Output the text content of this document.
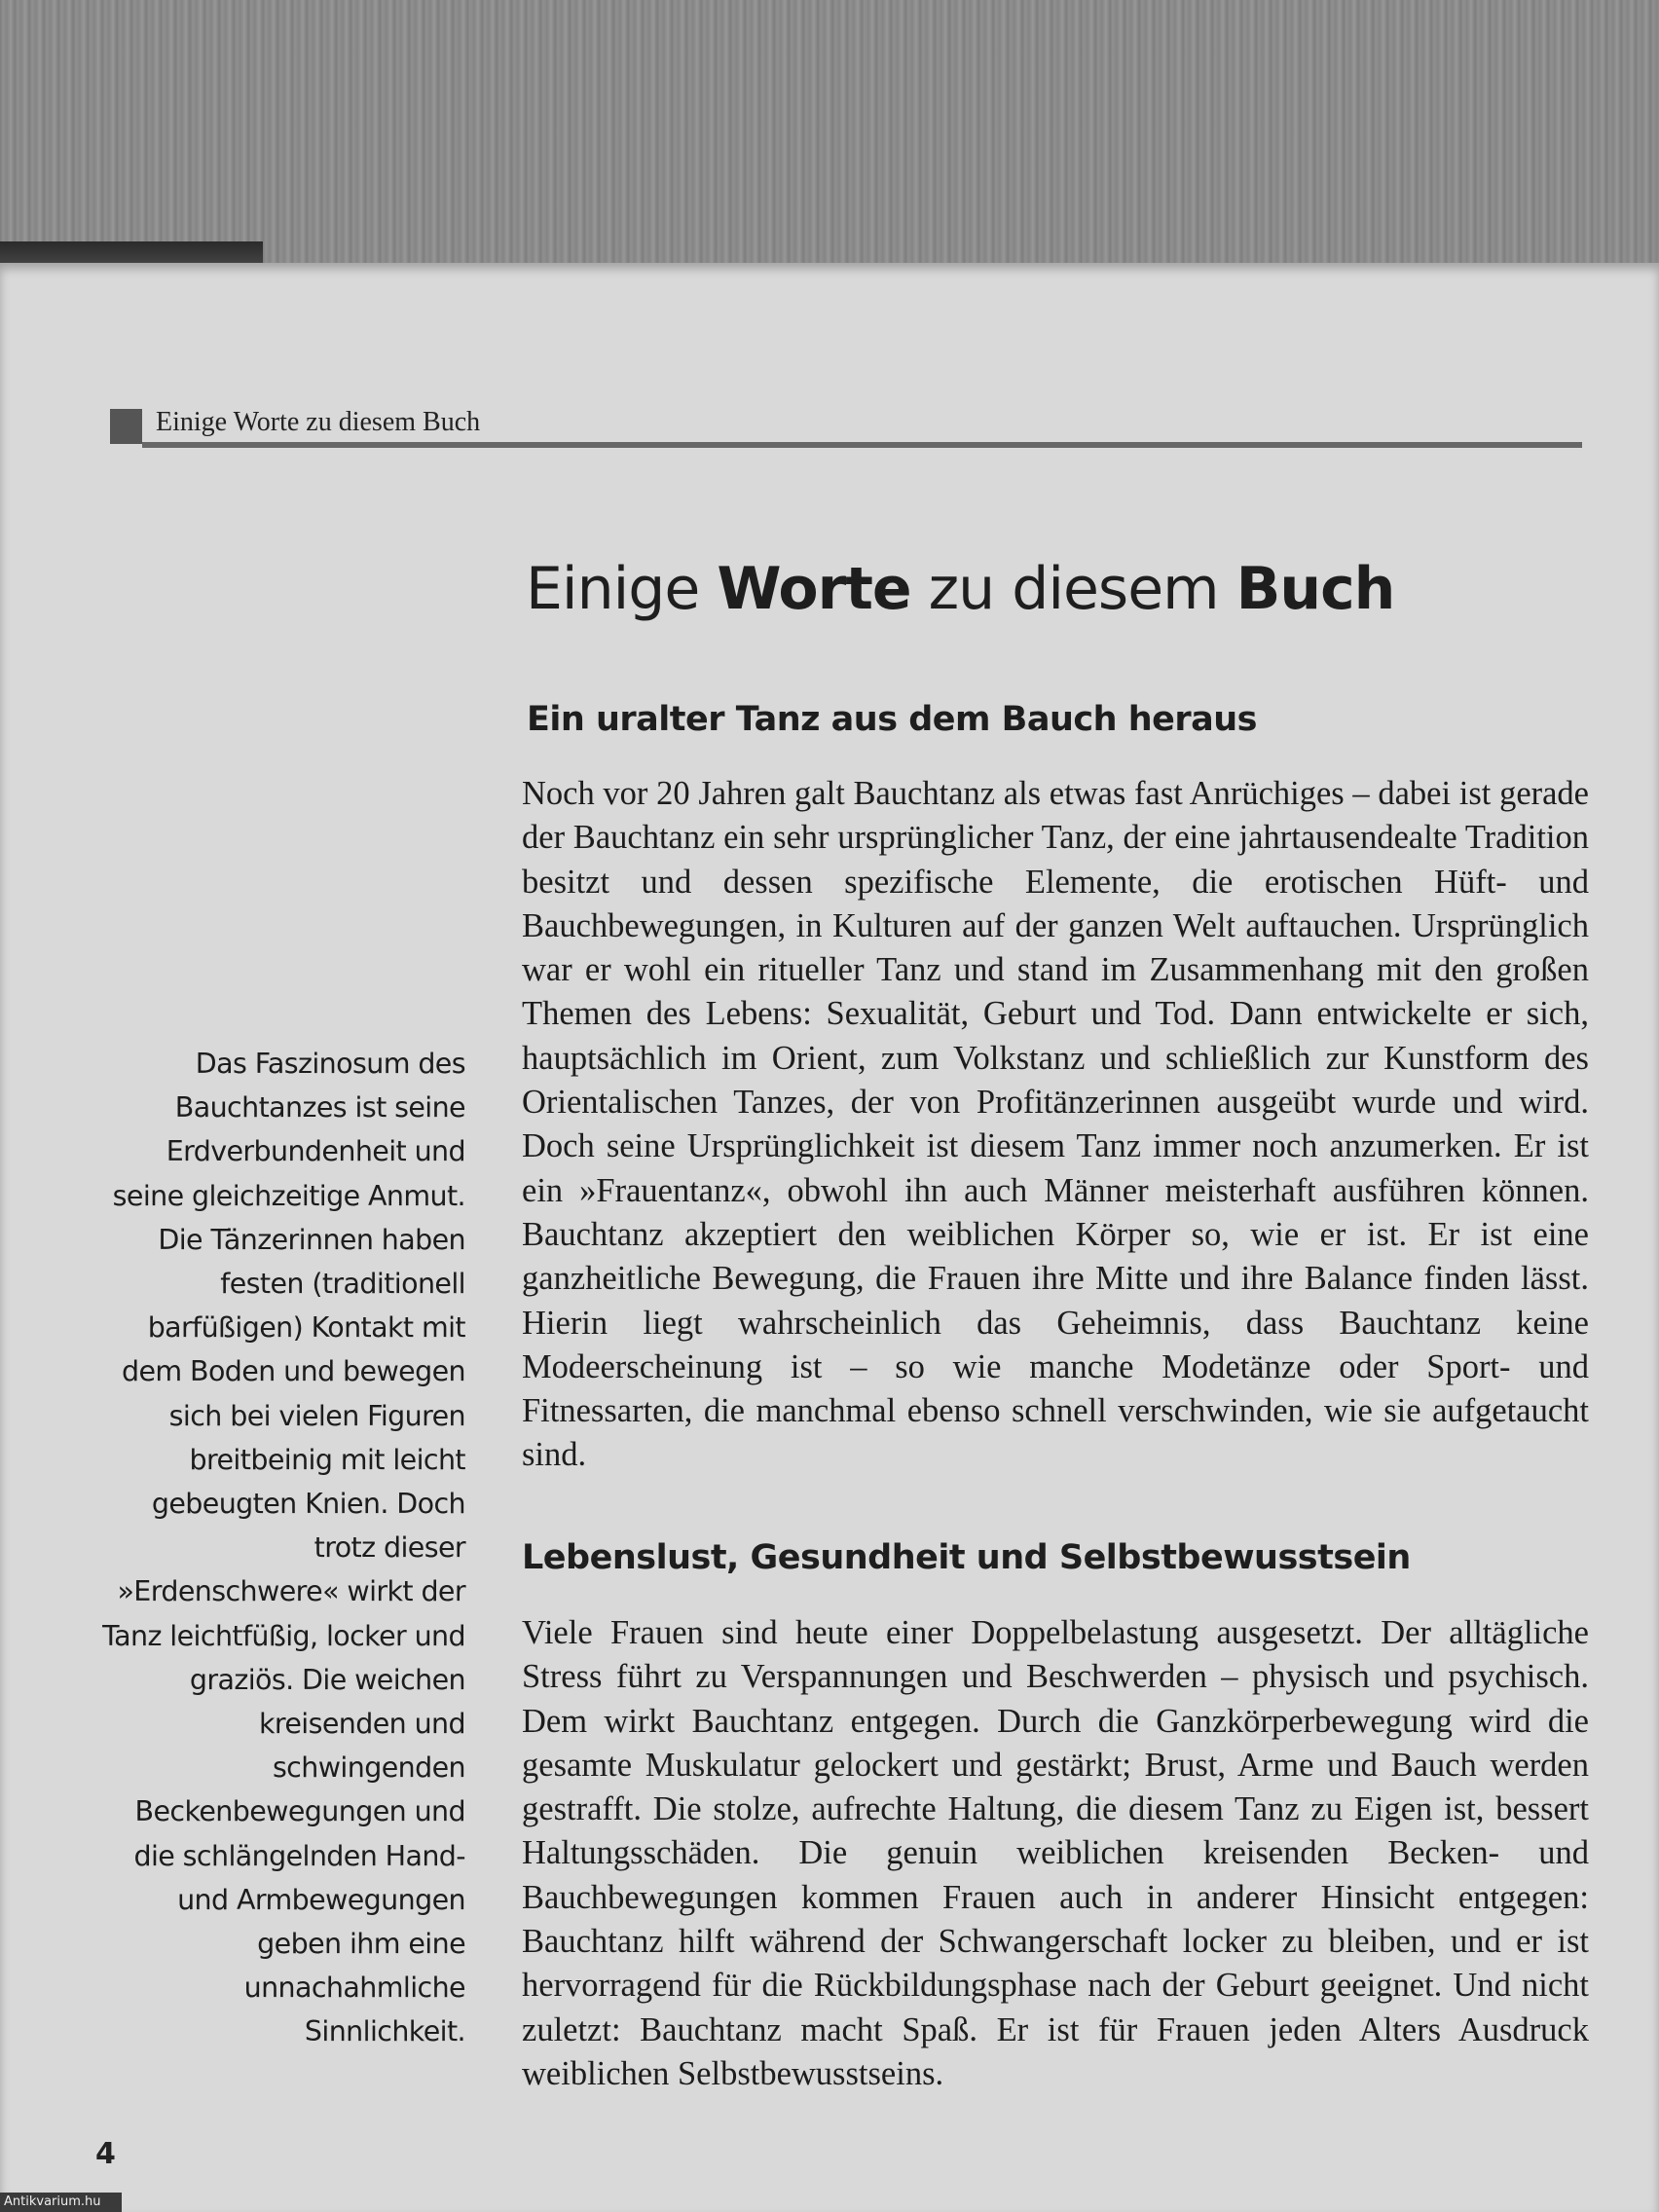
Einige Worte zu diesem Buch
Einige Worte zu diesem Buch
Ein uralter Tanz aus dem Bauch heraus

Noch vor 20 Jahren galt Bauchtanz als etwas fast Anrüchiges – dabei ist gerade der Bauchtanz ein sehr ursprünglicher Tanz, der eine jahrtausendealte Tradition besitzt und dessen spezifische Elemente, die erotischen Hüft- und Bauchbewegungen, in Kulturen auf der ganzen Welt auftauchen. Ursprünglich war er wohl ein ritueller Tanz und stand im Zusammenhang mit den großen Themen des Lebens: Sexualität, Geburt und Tod. Dann entwickelte er sich, hauptsächlich im Orient, zum Volkstanz und schließlich zur Kunstform des Orientalischen Tanzes, der von Profitänzerinnen ausgeübt wurde und wird. Doch seine Ursprünglichkeit ist diesem Tanz immer noch anzumerken. Er ist ein »Frauentanz«, obwohl ihn auch Männer meisterhaft ausführen können. Bauchtanz akzeptiert den weiblichen Körper so, wie er ist. Er ist eine ganzheitliche Bewegung, die Frauen ihre Mitte und ihre Balance finden lässt. Hierin liegt wahrscheinlich das Geheimnis, dass Bauchtanz keine Modeerscheinung ist – so wie manche Modetänze oder Sport- und Fitnessarten, die manchmal ebenso schnell verschwinden, wie sie aufgetaucht sind.

Lebenslust, Gesundheit und Selbstbewusstsein

Viele Frauen sind heute einer Doppelbelastung ausgesetzt. Der alltägliche Stress führt zu Verspannungen und Beschwerden – physisch und psychisch. Dem wirkt Bauchtanz entgegen. Durch die Ganzkörperbewegung wird die gesamte Muskulatur gelockert und gestärkt; Brust, Arme und Bauch werden gestrafft. Die stolze, aufrechte Haltung, die diesem Tanz zu Eigen ist, bessert Haltungsschäden. Die genuin weiblichen kreisenden Becken- und Bauchbewegungen kommen Frauen auch in anderer Hinsicht entgegen: Bauchtanz hilft während der Schwangerschaft locker zu bleiben, und er ist hervorragend für die Rückbildungsphase nach der Geburt geeignet. Und nicht zuletzt: Bauchtanz macht Spaß. Er ist für Frauen jeden Alters Ausdruck weiblichen Selbstbewusstseins.

Das Faszinosum des Bauchtanzes ist seine Erdverbundenheit und seine gleichzeitige Anmut. Die Tänzerinnen haben festen (traditionell barfüßigen) Kontakt mit dem Boden und bewegen sich bei vielen Figuren breitbeinig mit leicht gebeugten Knien. Doch trotz dieser »Erdenschwere« wirkt der Tanz leichtfüßig, locker und graziös. Die weichen kreisenden und schwingenden Beckenbewegungen und die schlängelnden Hand- und Armbewegungen geben ihm eine unnachahmliche Sinnlichkeit.

4
Antikvarium.hu
